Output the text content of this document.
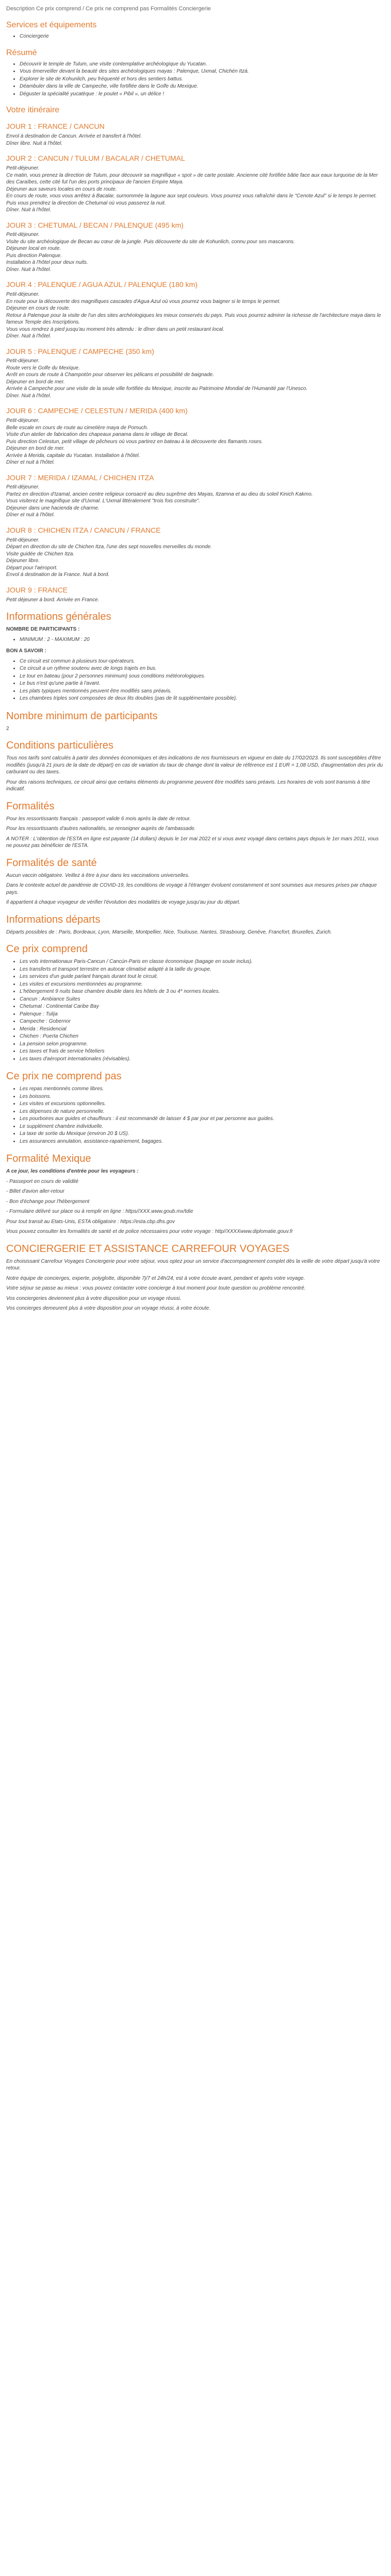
Description Ce prix comprend / Ce prix ne comprend pas Formalités Conciergerie

Services et équipements
• Conciergerie
Résumé
• Découvrir le temple de Tulum, une visite contemplative archéologique du Yucatan.
• Vous émerveiller devant la beauté des sites archéologiques mayas : Palenque, Uxmal, Chichén Itzá.
• Explorer le site de Kohunlich, peu fréquenté et hors des sentiers battus.
• Déambuler dans la ville de Campeche, ville fortifiée dans le Golfe du Mexique.
• Déguster la spécialité yucatèque : le poulet « Pibil », un délice !
Votre itinéraire
JOUR 1 : FRANCE / CANCUN

Envol à destination de Cancun. Arrivée et transfert à l'hôtel.

Dîner libre. Nuit à l'hôtel.

JOUR 2 : CANCUN / TULUM / BACALAR / CHETUMAL

Petit-déjeuner.

Ce matin, vous prenez la direction de Tulum, pour découvrir sa magnifique « spot » de carte postale. Ancienne cité fortifiée bâtie face aux eaux turquoise de la Mer des Caraïbes, cette cité fut l'un des ports principaux de l'ancien Empire Maya.

Déjeuner aux saveurs locales en cours de route.

En cours de route, vous vous arrêtez à Bacalar, surnommée la lagune aux sept couleurs. Vous pourrez vous rafraîchir dans le "Cenote Azul" si le temps le permet.

Puis vous prendrez la direction de Chetumal où vous passerez la nuit.

Dîner. Nuit à l'hôtel.

JOUR 3 : CHETUMAL / BECAN / PALENQUE (495 km)

Petit-déjeuner.

Visite du site archéologique de Becan au cœur de la jungle. Puis découverte du site de Kohunlich, connu pour ses mascarons.

Déjeuner local en route.

Puis direction Palenque.

Installation à l'hôtel pour deux nuits.

Dîner. Nuit à l'hôtel.

JOUR 4 : PALENQUE / AGUA AZUL / PALENQUE (180 km)

Petit-déjeuner.

En route pour la découverte des magnifiques cascades d'Agua Azul où vous pourrez vous baigner si le temps le permet.

Déjeuner en cours de route.

Retour à Palenque pour la visite de l'un des sites archéologiques les mieux conservés du pays. Puis vous pourrez admirer la richesse de l'architecture maya dans le fameux Temple des Inscriptions.

Vous vous rendrez à pied jusqu'au moment très attendu : le dîner dans un petit restaurant local.

Dîner. Nuit à l'hôtel.

JOUR 5 : PALENQUE / CAMPECHE (350 km)

Petit-déjeuner.

Route vers le Golfe du Mexique.

Arrêt en cours de route à Champotón pour observer les pélicans et possibilité de baignade.

Déjeuner en bord de mer.

Arrivée à Campeche pour une visite de la seule ville fortifiée du Mexique, inscrite au Patrimoine Mondial de l'Humanité par l'Unesco.

Dîner. Nuit à l'hôtel.

JOUR 6 : CAMPECHE / CELESTUN / MERIDA (400 km)

Petit-déjeuner.

Belle escale en cours de route au cimetière maya de Pomuch.

Visite d'un atelier de fabrication des chapeaux panama dans le village de Becal.

Puis direction Celestun, petit village de pêcheurs où vous partirez en bateau à la découverte des flamants roses.

Déjeuner en bord de mer.

Arrivée à Merida, capitale du Yucatan. Installation à l'hôtel.

Dîner et nuit à l'hôtel.

JOUR 7 : MERIDA / IZAMAL / CHICHEN ITZA

Petit-déjeuner.

Partez en direction d'Izamal, ancien centre religieux consacré au dieu suprême des Mayas, Itzamna et au dieu du soleil Kinich Kakmo.

Vous visiterez le magnifique site d'Uxmal. L'Uxmal littéralement "trois fois construite".

Déjeuner dans une hacienda de charme.

Dîner et nuit à l'hôtel.

JOUR 8 : CHICHEN ITZA / CANCUN / FRANCE

Petit-déjeuner.

Départ en direction du site de Chichen Itza, l'une des sept nouvelles merveilles du monde.

Visite guidée de Chichen Itza.

Déjeuner libre.

Départ pour l'aéroport.

Envol à destination de la France. Nuit à bord.

JOUR 9 : FRANCE

Petit déjeuner à bord. Arrivée en France.

Informations générales

NOMBRE DE PARTICIPANTS :

• MINIMUM : 2 - MAXIMUM : 20

BON A SAVOIR :

• Ce circuit est commun à plusieurs tour-opérateurs.
• Ce circuit a un rythme soutenu avec de longs trajets en bus.
• Le tour en bateau (pour 2 personnes minimum) sous conditions météorologiques.
• Le bus n'est qu'une partie à l'avant.
• Les plats typiques mentionnés peuvent être modifiés sans préavis.
• Les chambres triples sont composées de deux lits doubles (pas de lit supplémentaire possible).
Nombre minimum de participants

2

Conditions particulières

Tous nos tarifs sont calculés à partir des données économiques et des indications de nos fournisseurs en vigueur en date du 17/02/2023. Ils sont susceptibles d'être modifiés (jusqu'à 21 jours de la date de départ) en cas de variation du taux de change dont la valeur de référence est 1 EUR = 1,08 USD, d'augmentation des prix du carburant ou des taxes.

Pour des raisons techniques, ce circuit ainsi que certains éléments du programme peuvent être modifiés sans préavis. Les horaires de vols sont transmis à titre indicatif.

Formalités

Pour les ressortissants français : passeport valide 6 mois après la date de retour.

Pour les ressortissants d'autres nationalités, se renseigner auprès de l'ambassade.

A NOTER : L'obtention de l'ESTA en ligne est payante (14 dollars) depuis le 1er mai 2022 et si vous avez voyagé dans certains pays depuis le 1er mars 2011, vous ne pouvez pas bénéficier de l'ESTA.

Formalités de santé

Aucun vaccin obligatoire. Veillez à être à jour dans les vaccinations universelles.

Dans le contexte actuel de pandémie de COVID-19, les conditions de voyage à l'étranger évoluent constamment et sont soumises aux mesures prises par chaque pays.

Il appartient à chaque voyageur de vérifier l'évolution des modalités de voyage jusqu'au jour du départ.

Informations départs

Départs possibles de : Paris, Bordeaux, Lyon, Marseille, Montpellier, Nice, Toulouse, Nantes, Strasbourg, Genève, Francfort, Bruxelles, Zurich.

Ce prix comprend
• Les vols internationaux Paris-Cancun / Cancún-Paris en classe économique (bagage en soute inclus).
• Les transferts et transport terrestre en autocar climatisé adapté à la taille du groupe.
• Les services d'un guide parlant français durant tout le circuit.
• Les visites et excursions mentionnées au programme.
• L'hébergement 9 nuits base chambre double dans les hôtels de 3 ou 4* normes locales.
• Cancun : Ambiance Suites
• Chetumal : Continental Caribe Bay
• Palenque : Tulija
• Campeche : Gobernor
• Merida : Residencial
• Chichen : Puerta Chichen
• La pension selon programme.
• Les taxes et frais de service hôteliers
• Les taxes d'aéroport internationales (révisables).
Ce prix ne comprend pas
• Les repas mentionnés comme libres.
• Les boissons.
• Les visites et excursions optionnelles.
• Les dépenses de nature personnelle.
• Les pourboires aux guides et chauffeurs : il est recommandé de laisser 4 $ par jour et par personne aux guides.
• Le supplément chambre individuelle.
• La taxe de sortie du Mexique (environ 20 $ US).
• Les assurances annulation, assistance-rapatriement, bagages.
Formalité Mexique

A ce jour, les conditions d'entrée pour les voyageurs :

- Passeport en cours de validité

- Billet d'avion aller-retour

- Bon d'échange pour l'hébergement

- Formulaire délivré sur place ou à remplir en ligne : https//XXX.www.goub.mx/tdie

Pour tout transit au Etats-Unis, ESTA obligatoire : https://esta.cbp.dhs.gov

Vous pouvez consulter les formalités de santé et de police nécessaires pour votre voyage : http//XXXXwww.diplomatie.gouv.fr

CONCIERGERIE ET ASSISTANCE CARREFOUR VOYAGES

En choisissant Carrefour Voyages Conciergerie pour votre séjour, vous optez pour un service d'accompagnement complet dès la veille de votre départ jusqu'à votre retour.

Notre équipe de concierges, experte, polyglotte, disponible 7j/7 et 24h/24, est à votre écoute avant, pendant et après votre voyage.

Votre séjour se passe au mieux : vous pouvez contacter votre concierge à tout moment pour toute question ou problème rencontré.

Vos conciergeries deviennent plus à votre disposition pour un voyage réussi.

Vos concierges demeurent plus à votre disposition pour un voyage réussi, à votre écoute.
